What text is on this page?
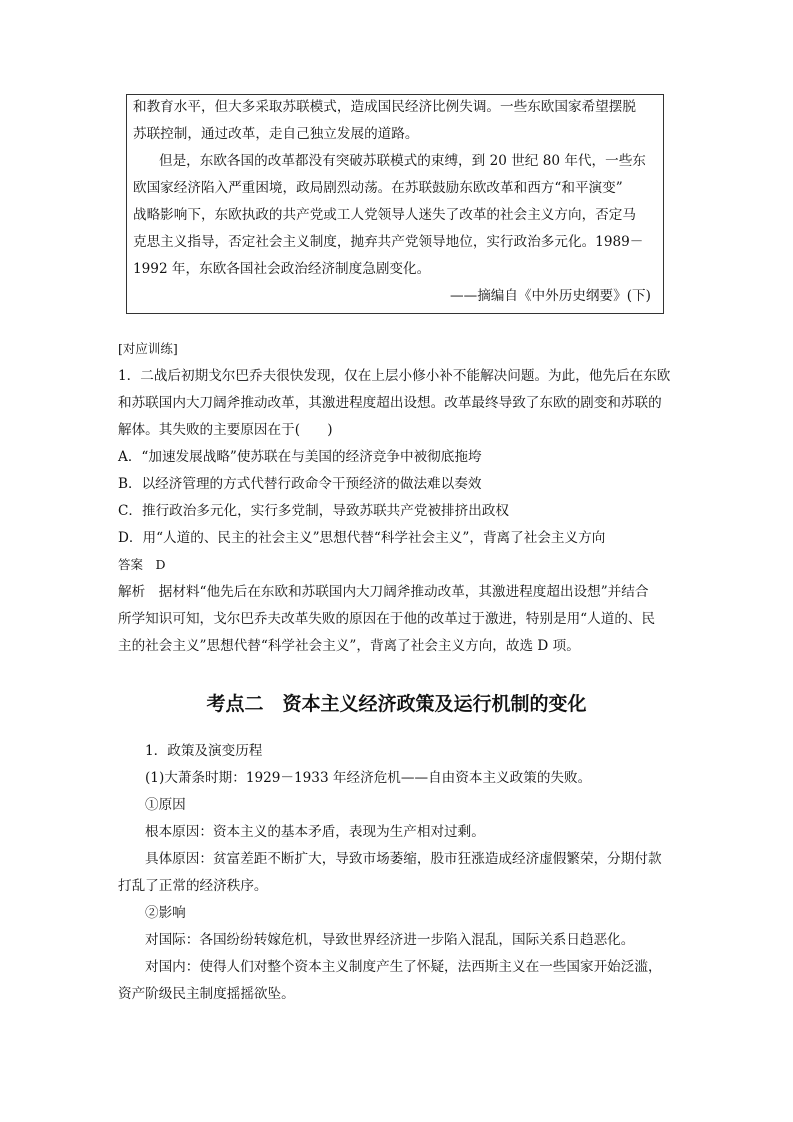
和教育水平，但大多采取苏联模式，造成国民经济比例失调。一些东欧国家希望摆脱
苏联控制，通过改革，走自己独立发展的道路。
但是，东欧各国的改革都没有突破苏联模式的束缚，到 20 世纪 80 年代，一些东
欧国家经济陷入严重困境，政局剧烈动荡。在苏联鼓励东欧改革和西方“和平演变”
战略影响下，东欧执政的共产党或工人党领导人迷失了改革的社会主义方向，否定马
克思主义指导，否定社会主义制度，抛弃共产党领导地位，实行政治多元化。1989－
1992 年，东欧各国社会政治经济制度急剧变化。
——摘编自《中外历史纲要》(下)
[对应训练]
1．二战后初期戈尔巴乔夫很快发现，仅在上层小修小补不能解决问题。为此，他先后在东欧
和苏联国内大刀阔斧推动改革，其激进程度超出设想。改革最终导致了东欧的剧变和苏联的
解体。其失败的主要原因在于(　　)
A．“加速发展战略”使苏联在与美国的经济竞争中被彻底拖垮
B．以经济管理的方式代替行政命令干预经济的做法难以奏效
C．推行政治多元化，实行多党制，导致苏联共产党被排挤出政权
D．用“人道的、民主的社会主义”思想代替“科学社会主义”，背离了社会主义方向
答案　D
解析　据材料“他先后在东欧和苏联国内大刀阔斧推动改革，其激进程度超出设想”并结合
所学知识可知，戈尔巴乔夫改革失败的原因在于他的改革过于激进，特别是用“人道的、民
主的社会主义”思想代替“科学社会主义”，背离了社会主义方向，故选 D 项。
考点二　资本主义经济政策及运行机制的变化
1．政策及演变历程
(1)大萧条时期：1929－1933 年经济危机——自由资本主义政策的失败。
①原因
根本原因：资本主义的基本矛盾，表现为生产相对过剩。
具体原因：贫富差距不断扩大，导致市场萎缩，股市狂涨造成经济虚假繁荣，分期付款
打乱了正常的经济秩序。
②影响
对国际：各国纷纷转嫁危机，导致世界经济进一步陷入混乱，国际关系日趋恶化。
对国内：使得人们对整个资本主义制度产生了怀疑，法西斯主义在一些国家开始泛滥，
资产阶级民主制度摇摇欲坠。
